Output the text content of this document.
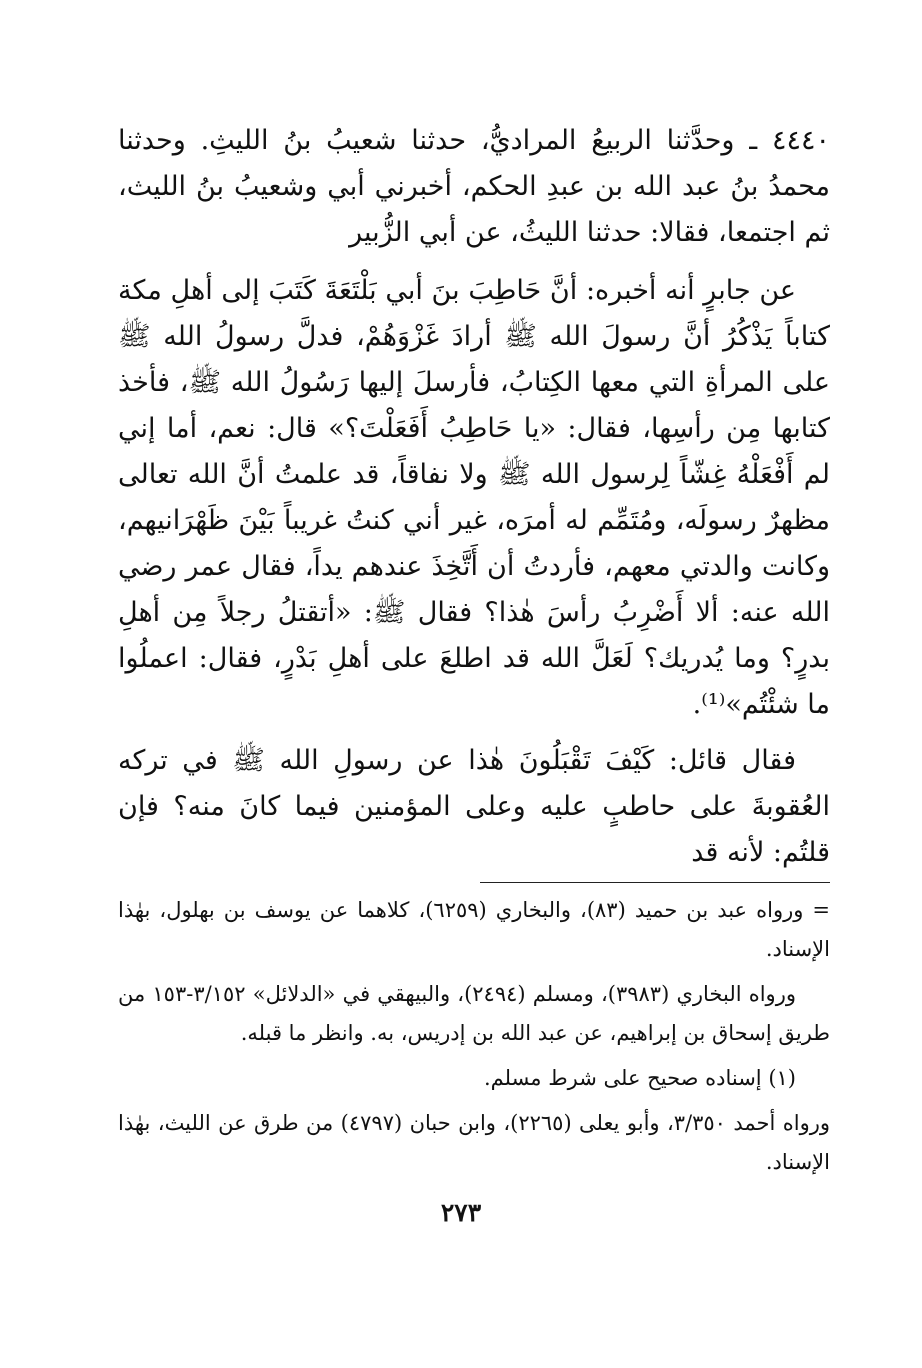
٤٤٤٠ ـ وحدَّثنا الربيعُ المراديُّ، حدثنا شعيبُ بنُ الليثِ. وحدثنا محمدُ بنُ عبد الله بن عبدِ الحكم، أخبرني أبي وشعيبُ بنُ الليث، ثم اجتمعا، فقالا: حدثنا الليثُ، عن أبي الزُّبير

عن جابرٍ أنه أخبره: أنَّ حَاطِبَ بنَ أبي بَلْتَعَةَ كَتَبَ إلى أهلِ مكة كتاباً يَذْكُرُ أنَّ رسولَ الله ﷺ أرادَ غَزْوَهُمْ، فدلَّ رسولُ الله ﷺ على المرأةِ التي معها الكِتابُ، فأرسلَ إليها رَسُولُ الله ﷺ، فأخذ كتابها مِن رأسِها، فقال: «يا حَاطِبُ أَفَعَلْتَ؟» قال: نعم، أما إني لم أَفْعَلْهُ غِشّاً لِرسول الله ﷺ ولا نفاقاً، قد علمتُ أنَّ الله تعالى مظهرٌ رسولَه، ومُتَمِّم له أمرَه، غير أني كنتُ غريباً بَيْنَ ظَهْرَانيهم، وكانت والدتي معهم، فأردتُ أن أَتَّخِذَ عندهم يداً، فقال عمر رضي الله عنه: ألا أَضْرِبُ رأسَ هٰذا؟ فقال ﷺ: «أتقتلُ رجلاً مِن أهلِ بدرٍ؟ وما يُدريك؟ لَعَلَّ الله قد اطلعَ على أهلِ بَدْرٍ، فقال: اعملُوا ما شئْتُم»⁽¹⁾.

فقال قائل: كَيْفَ تَقْبَلُونَ هٰذا عن رسولِ الله ﷺ في تركه العُقوبةَ على حاطبٍ عليه وعلى المؤمنين فيما كانَ منه؟ فإن قلتُم: لأنه قد

= ورواه عبد بن حميد (٨٣)، والبخاري (٦٢٥٩)، كلاهما عن يوسف بن بهلول، بهٰذا الإسناد.

ورواه البخاري (٣٩٨٣)، ومسلم (٢٤٩٤)، والبيهقي في «الدلائل» ٣/١٥٢-١٥٣ من طريق إسحاق بن إبراهيم، عن عبد الله بن إدريس، به. وانظر ما قبله.

(١) إسناده صحيح على شرط مسلم.

ورواه أحمد ٣/٣٥٠، وأبو يعلى (٢٢٦٥)، وابن حبان (٤٧٩٧) من طرق عن الليث، بهٰذا الإسناد.

٢٧٣
